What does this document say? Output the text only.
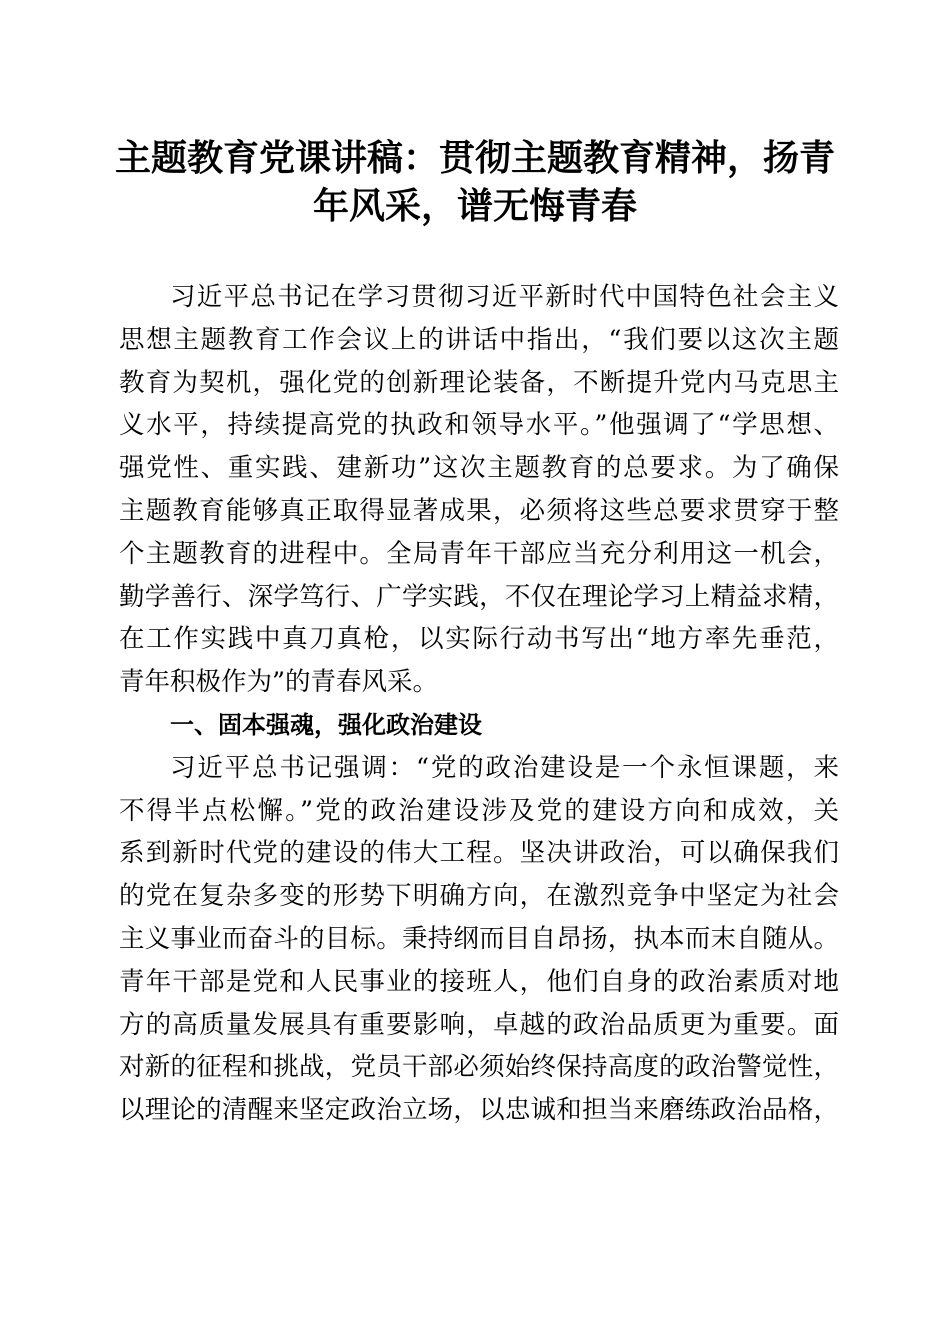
主题教育党课讲稿：贯彻主题教育精神，扬青
年风采，谱无悔青春
习近平总书记在学习贯彻习近平新时代中国特色社会主义
思想主题教育工作会议上的讲话中指出，“我们要以这次主题
教育为契机，强化党的创新理论装备，不断提升党内马克思主
义水平，持续提高党的执政和领导水平。”他强调了“学思想、
强党性、重实践、建新功”这次主题教育的总要求。为了确保
主题教育能够真正取得显著成果，必须将这些总要求贯穿于整
个主题教育的进程中。全局青年干部应当充分利用这一机会，
勤学善行、深学笃行、广学实践，不仅在理论学习上精益求精，
在工作实践中真刀真枪，以实际行动书写出“地方率先垂范，
青年积极作为”的青春风采。
一、固本强魂，强化政治建设
习近平总书记强调：“党的政治建设是一个永恒课题，来
不得半点松懈。”党的政治建设涉及党的建设方向和成效，关
系到新时代党的建设的伟大工程。坚决讲政治，可以确保我们
的党在复杂多变的形势下明确方向，在激烈竞争中坚定为社会
主义事业而奋斗的目标。秉持纲而目自昂扬，执本而末自随从。
青年干部是党和人民事业的接班人，他们自身的政治素质对地
方的高质量发展具有重要影响，卓越的政治品质更为重要。面
对新的征程和挑战，党员干部必须始终保持高度的政治警觉性，
以理论的清醒来坚定政治立场，以忠诚和担当来磨练政治品格，
